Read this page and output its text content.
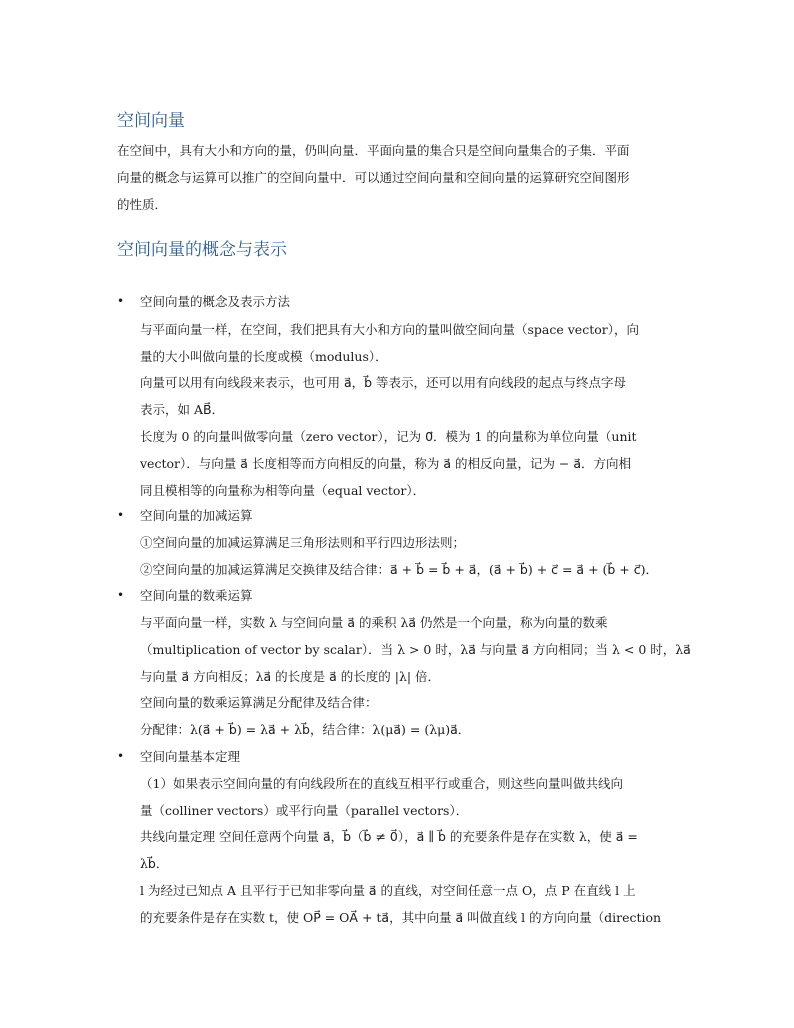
空间向量

在空间中，具有大小和方向的量，仍叫向量．平面向量的集合只是空间向量集合的子集．平面

向量的概念与运算可以推广的空间向量中．可以通过空间向量和空间向量的运算研究空间图形

的性质．

空间向量的概念与表示
• 空间向量的概念及表示方法

与平面向量一样，在空间，我们把具有大小和方向的量叫做空间向量（space vector），向

量的大小叫做向量的长度或模（modulus）．

向量可以用有向线段来表示，也可用 a⃗，b⃗ 等表示，还可以用有向线段的起点与终点字母

表示，如 AB⃗．

长度为 0 的向量叫做零向量（zero vector），记为 0⃗．模为 1 的向量称为单位向量（unit

vector）．与向量 a⃗ 长度相等而方向相反的向量，称为 a⃗ 的相反向量，记为 − a⃗．方向相

同且模相等的向量称为相等向量（equal vector）．

• 空间向量的加减运算

①空间向量的加减运算满足三角形法则和平行四边形法则；

②空间向量的加减运算满足交换律及结合律：a⃗ + b⃗ = b⃗ + a⃗，(a⃗ + b⃗) + c⃗ = a⃗ + (b⃗ + c⃗)．

• 空间向量的数乘运算

与平面向量一样，实数 λ 与空间向量 a⃗ 的乘积 λa⃗ 仍然是一个向量，称为向量的数乘

（multiplication of vector by scalar）．当 λ > 0 时，λa⃗ 与向量 a⃗ 方向相同；当 λ < 0 时，λa⃗

与向量 a⃗ 方向相反；λa⃗ 的长度是 a⃗ 的长度的 |λ| 倍．

空间向量的数乘运算满足分配律及结合律：

分配律：λ(a⃗ + b⃗) = λa⃗ + λb⃗，结合律：λ(μa⃗) = (λμ)a⃗．

• 空间向量基本定理

（1）如果表示空间向量的有向线段所在的直线互相平行或重合，则这些向量叫做共线向

量（colliner vectors）或平行向量（parallel vectors）．

共线向量定理 空间任意两个向量 a⃗，b⃗（b⃗ ≠ 0⃗），a⃗ ∥ b⃗ 的充要条件是存在实数 λ，使 a⃗ =

λb⃗．

l 为经过已知点 A 且平行于已知非零向量 a⃗ 的直线，对空间任意一点 O，点 P 在直线 l 上

的充要条件是存在实数 t，使 OP⃗ = OA⃗ + ta⃗，其中向量 a⃗ 叫做直线 l 的方向向量（direction
